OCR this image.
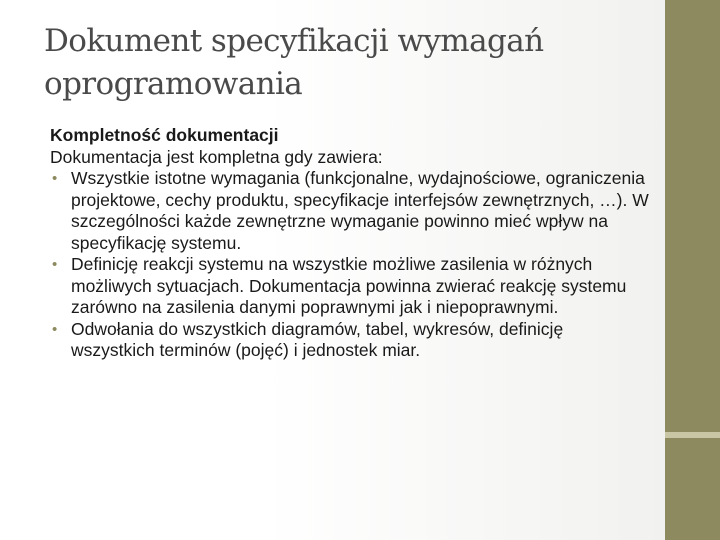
Dokument specyfikacji wymagań oprogramowania

Kompletność dokumentacji

Dokumentacja jest kompletna gdy zawiera:

• Wszystkie istotne wymagania (funkcjonalne, wydajnościowe, ograniczenia projektowe, cechy produktu, specyfikacje interfejsów zewnętrznych, …). W szczególności każde zewnętrzne wymaganie powinno mieć wpływ na specyfikację systemu.
• Definicję reakcji systemu na wszystkie możliwe zasilenia w różnych możliwych sytuacjach. Dokumentacja powinna zwierać reakcję systemu zarówno na zasilenia danymi poprawnymi jak i niepoprawnymi.
• Odwołania do wszystkich diagramów, tabel, wykresów, definicję wszystkich terminów (pojęć) i jednostek miar.
